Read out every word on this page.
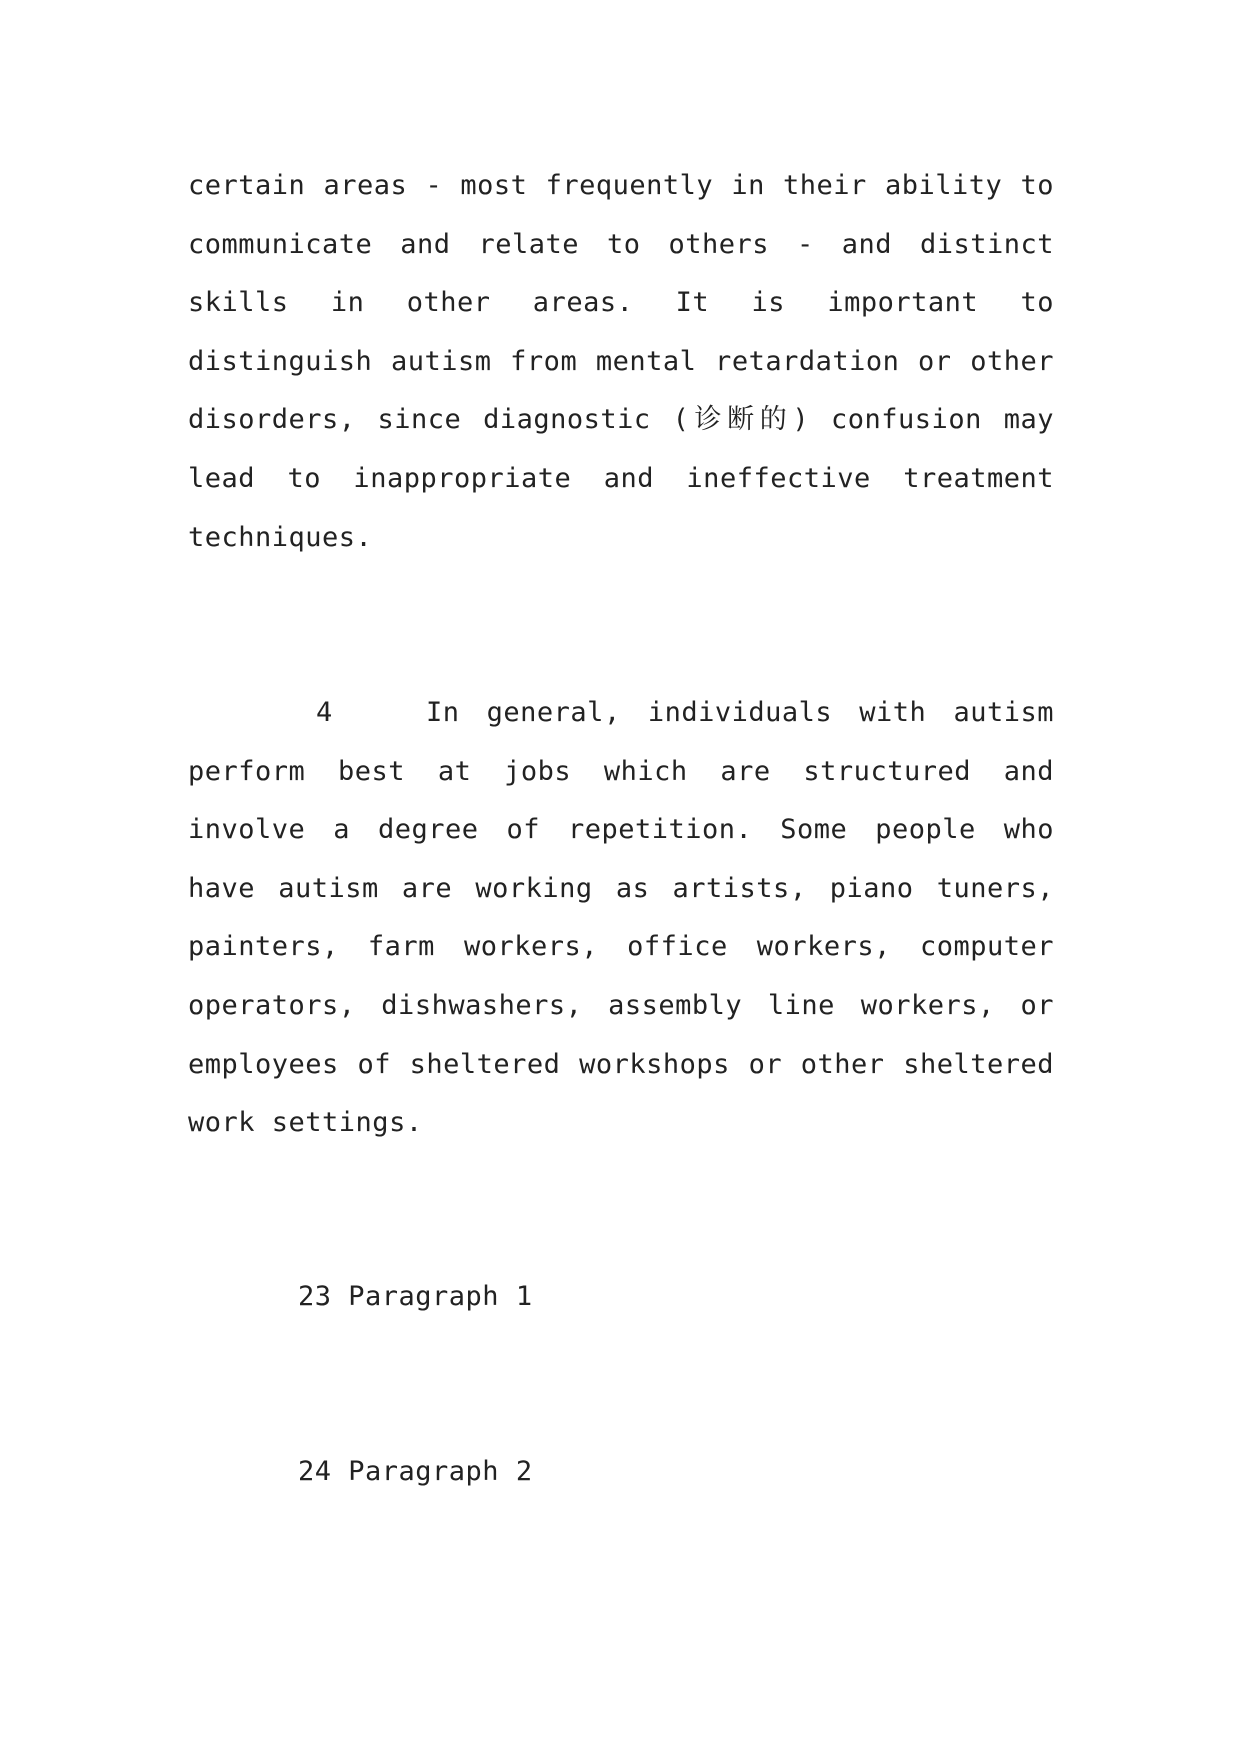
certain areas - most frequently in their ability to communicate and relate to others - and distinct skills in other areas. It is important to distinguish autism from mental retardation or other disorders, since diagnostic (诊断的) confusion may lead to inappropriate and ineffective treatment techniques.

4	In general, individuals with autism perform best at jobs which are structured and involve a degree of repetition. Some people who have autism are working as artists, piano tuners, painters, farm workers, office workers, computer operators, dishwashers, assembly line workers, or employees of sheltered workshops or other sheltered work settings.

23 Paragraph 1
24 Paragraph 2
